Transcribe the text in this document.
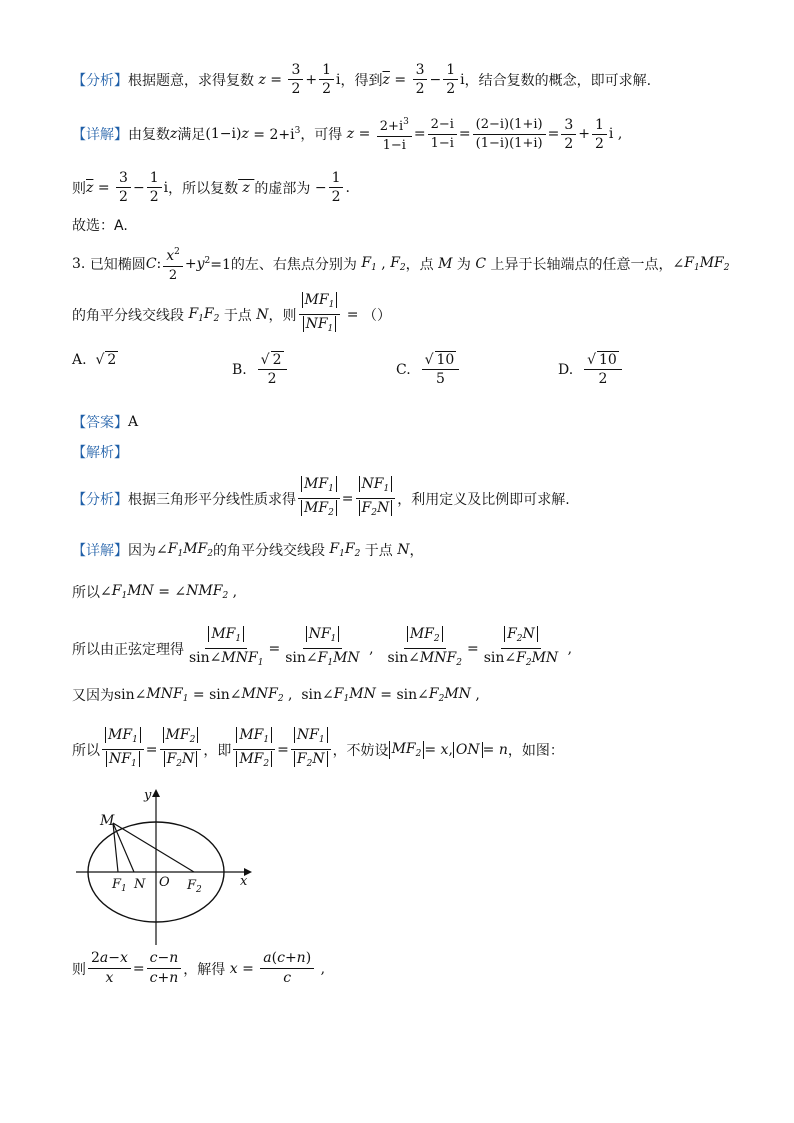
【分析】 根据题意，求得复数 $z = \frac{3}{2} + \frac{1}{2}$ i ，得到 $\overline{z} = \frac{3}{2} - \frac{1}{2}$ i ，结合复数的概念，即可求解.
【详解】 由复数 z 满足 (1−i) $z = 2+i^3$ ，可得 $z = \frac{2+i^3}{1-i} = \frac{2-i}{1-i} = \frac{(2-i)(1+i)}{(1-i)(1+i)} = \frac{3}{2} + \frac{1}{2}$ i ,
则 $\overline{z} = \frac{3}{2} - \frac{1}{2}$ i ，所以复数 z 的虚部为 − $\frac{1}{2}$ .
故选：A.
3.
已知椭圆 C : $\frac{x^2}{2} + y$ $^2$=1 的左、右焦点分别为 $F_1$ , $F_2$ ，点 M 为 C 上异于长轴端点的任意一点， ∠ $F_1MF_2$
的角平分线交线段 $F_1F_2$ 于点 N ，则 $\frac{MF_1}{NF_1}$ = （）
A. √ 2
B.
$\frac{√ 2}{2}$	C.
$\frac{√ 10}{5}$	D.
$\frac{√ 10}{2}$
【答案】 A
【解析】
【分析】 根据三角形平分线性质求得 $\frac{MF_1}{MF_2} = \frac{NF_1}{F_2N}$ ，利用定义及比例即可求解.
【详解】 因为 ∠ $F_1MF_2$ 的角平分线交线段 $F_1F_2$ 于点 N ，
所以 ∠ $F_1MN$ = ∠ $NMF_2$ ,
所以由正弦定理得 $\frac{MF_1}{\sin\angle MNF_1} = \frac{NF_1}{\sin\angle F_1MN}$ , $\frac{MF_2}{\sin\angle MNF_2} = \frac{F_2N}{\sin\angle F_2MN}$ ,
又因为 sin∠ $MNF_1$ = sin∠ $MNF_2$ ,  sin∠ $F_1MN$ = sin∠ $F_2MN$ ,
所以 $\frac{MF_1}{NF_1} = \frac{MF_2}{F_2N}$ ，即 $\frac{MF_1}{MF_2} = \frac{NF_1}{F_2N}$ ，不妨设 $MF_2 = x$ , ON = n ，如图：
M
$F_1$ N O $F_2$
x
y
则 $\frac{2a-x}{x} = \frac{c-n}{c+n}$ ，解得 $x = \frac{a(c+n)}{c}$ ,
